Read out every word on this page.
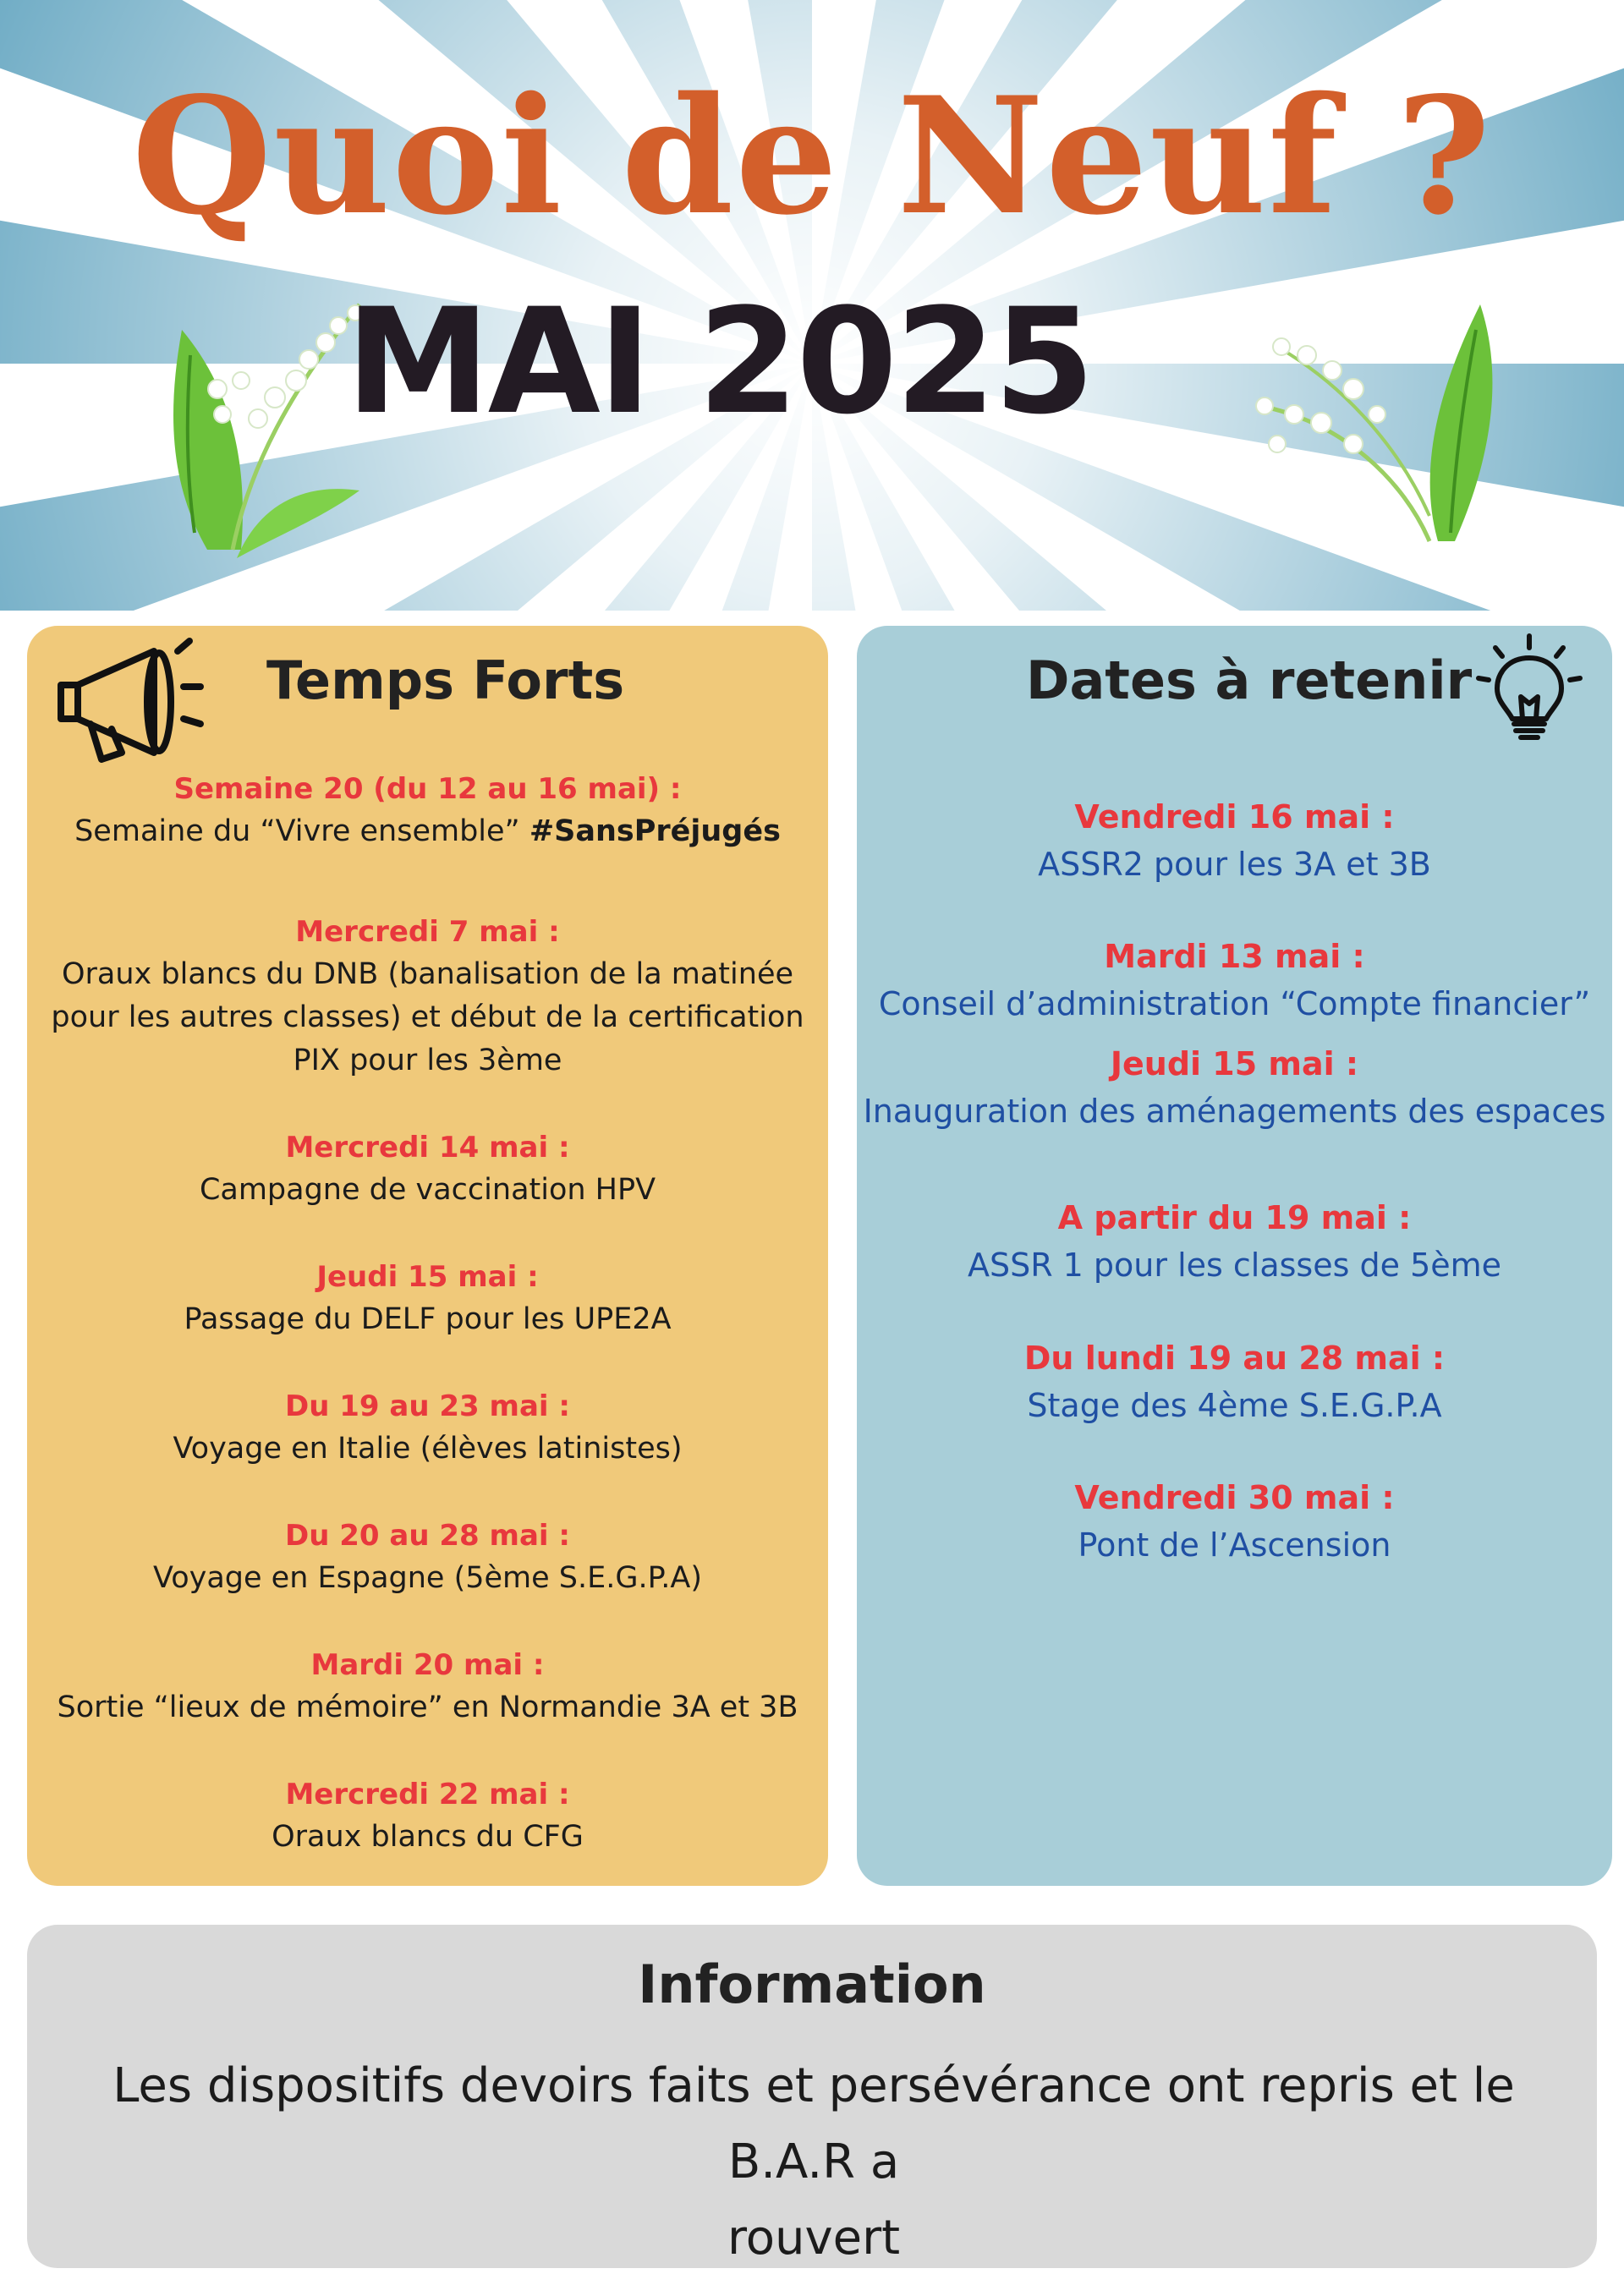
Quoi de Neuf ?
MAI 2025
Temps Forts
Semaine 20 (du 12 au 16 mai) :
Semaine du “Vivre ensemble” #SansPréjugés
Mercredi 7 mai :
Oraux blancs du DNB (banalisation de la matinée
pour les autres classes) et début de la certification
PIX pour les 3ème
Mercredi 14 mai :
Campagne de vaccination HPV
Jeudi 15 mai :
Passage du DELF pour les UPE2A
Du 19 au 23 mai :
Voyage en Italie (élèves latinistes)
Du 20 au 28 mai :
Voyage en Espagne (5ème S.E.G.P.A)
Mardi 20 mai :
Sortie “lieux de mémoire” en Normandie 3A et 3B
Mercredi 22 mai :
Oraux blancs du CFG
Dates à retenir
Vendredi 16 mai :
ASSR2 pour les 3A et 3B
Mardi 13 mai :
Conseil d’administration “Compte financier”
Jeudi 15 mai :
Inauguration des aménagements des espaces
A partir du 19 mai :
ASSR 1 pour les classes de 5ème
Du lundi 19 au 28 mai :
Stage des 4ème S.E.G.P.A
Vendredi 30 mai :
Pont de l’Ascension
Information

Les dispositifs devoirs faits et persévérance ont repris et le B.A.R a
rouvert
